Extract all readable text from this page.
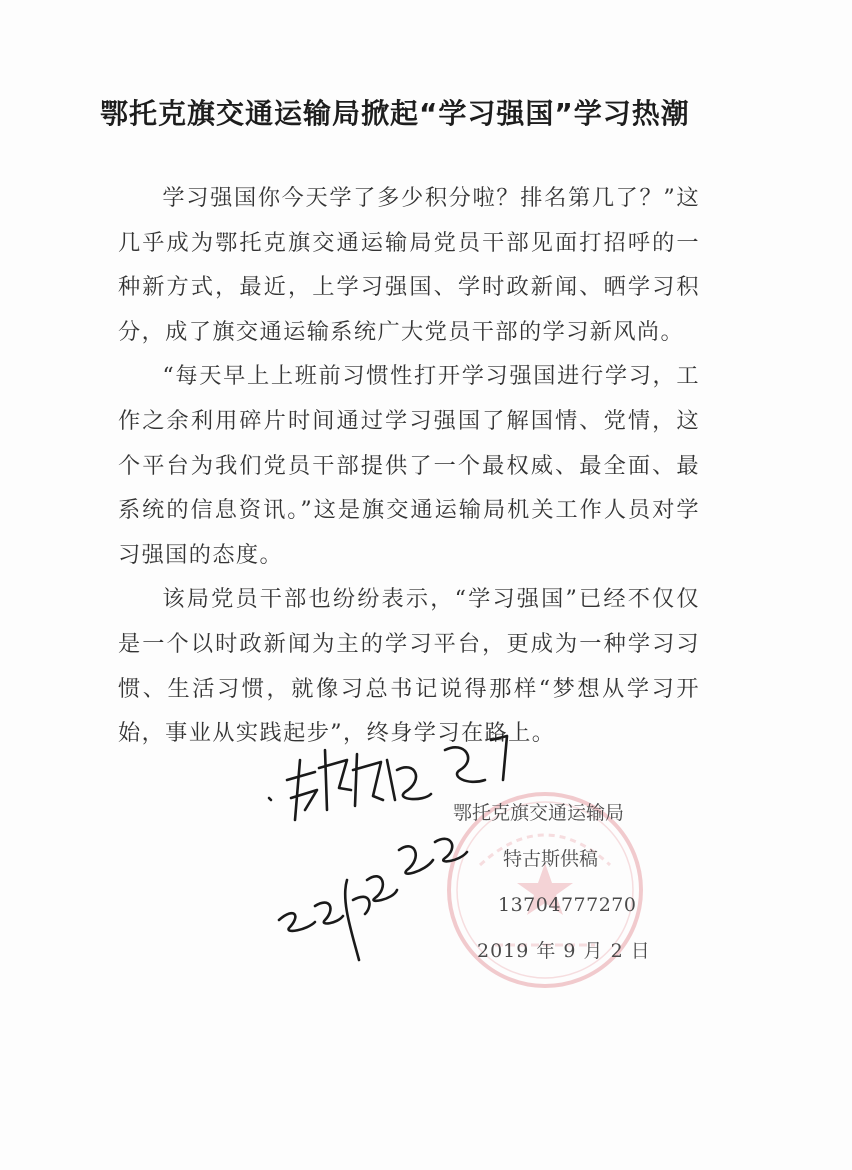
鄂托克旗交通运输局掀起“学习强国”学习热潮

学习强国你今天学了多少积分啦？排名第几了？”这几乎成为鄂托克旗交通运输局党员干部见面打招呼的一种新方式，最近，上学习强国、学时政新闻、晒学习积分，成了旗交通运输系统广大党员干部的学习新风尚。

“每天早上上班前习惯性打开学习强国进行学习，工作之余利用碎片时间通过学习强国了解国情、党情，这个平台为我们党员干部提供了一个最权威、最全面、最系统的信息资讯。”这是旗交通运输局机关工作人员对学习强国的态度。

该局党员干部也纷纷表示，“学习强国”已经不仅仅是一个以时政新闻为主的学习平台，更成为一种学习习惯、生活习惯，就像习总书记说得那样“梦想从学习开始，事业从实践起步”，终身学习在路上。

鄂托克旗交通运输局
特古斯供稿
13704777270
2019 年 9 月 2 日
